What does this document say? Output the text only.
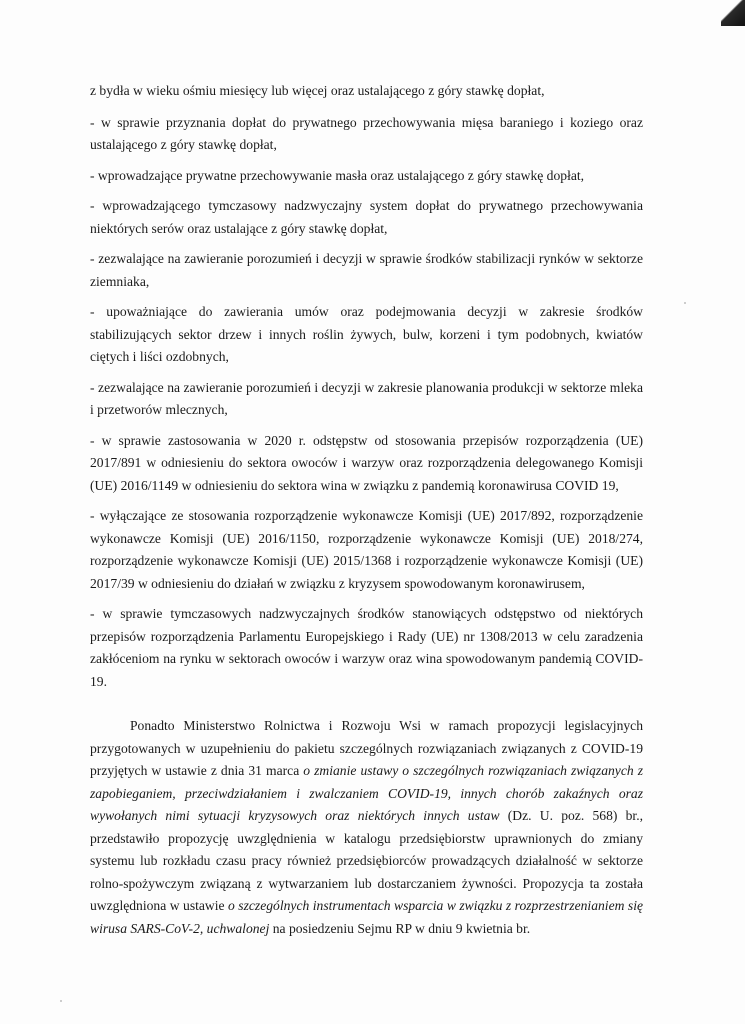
z bydła w wieku ośmiu miesięcy lub więcej oraz ustalającego z góry stawkę dopłat,

- w sprawie przyznania dopłat do prywatnego przechowywania mięsa baraniego i koziego oraz ustalającego z góry stawkę dopłat,

- wprowadzające prywatne przechowywanie masła oraz ustalającego z góry stawkę dopłat,

- wprowadzającego tymczasowy nadzwyczajny system dopłat do prywatnego przechowywania niektórych serów oraz ustalające z góry stawkę dopłat,

- zezwalające na zawieranie porozumień i decyzji w sprawie środków stabilizacji rynków w sektorze ziemniaka,

- upoważniające do zawierania umów oraz podejmowania decyzji w zakresie środków stabilizujących sektor drzew i innych roślin żywych, bulw, korzeni i tym podobnych, kwiatów ciętych i liści ozdobnych,

- zezwalające na zawieranie porozumień i decyzji w zakresie planowania produkcji w sektorze mleka i przetworów mlecznych,

- w sprawie zastosowania w 2020 r. odstępstw od stosowania przepisów rozporządzenia (UE) 2017/891 w odniesieniu do sektora owoców i warzyw oraz rozporządzenia delegowanego Komisji (UE) 2016/1149 w odniesieniu do sektora wina w związku z pandemią koronawirusa COVID 19,

- wyłączające ze stosowania rozporządzenie wykonawcze Komisji (UE) 2017/892, rozporządzenie wykonawcze Komisji (UE) 2016/1150, rozporządzenie wykonawcze Komisji (UE) 2018/274, rozporządzenie wykonawcze Komisji (UE) 2015/1368 i rozporządzenie wykonawcze Komisji (UE) 2017/39 w odniesieniu do działań w związku z kryzysem spowodowanym koronawirusem,

- w sprawie tymczasowych nadzwyczajnych środków stanowiących odstępstwo od niektórych przepisów rozporządzenia Parlamentu Europejskiego i Rady (UE) nr 1308/2013 w celu zaradzenia zakłóceniom na rynku w sektorach owoców i warzyw oraz wina spowodowanym pandemią COVID-19.

Ponadto Ministerstwo Rolnictwa i Rozwoju Wsi w ramach propozycji legislacyjnych przygotowanych w uzupełnieniu do pakietu szczególnych rozwiązaniach związanych z COVID-19 przyjętych w ustawie z dnia 31 marca o zmianie ustawy o szczególnych rozwiązaniach związanych z zapobieganiem, przeciwdziałaniem i zwalczaniem COVID-19, innych chorób zakaźnych oraz wywołanych nimi sytuacji kryzysowych oraz niektórych innych ustaw (Dz. U. poz. 568) br., przedstawiło propozycję uwzględnienia w katalogu przedsiębiorstw uprawnionych do zmiany systemu lub rozkładu czasu pracy również przedsiębiorców prowadzących działalność w sektorze rolno-spożywczym związaną z wytwarzaniem lub dostarczaniem żywności. Propozycja ta została uwzględniona w ustawie o szczególnych instrumentach wsparcia w związku z rozprzestrzenianiem się wirusa SARS-CoV-2, uchwalonej na posiedzeniu Sejmu RP w dniu 9 kwietnia br.
